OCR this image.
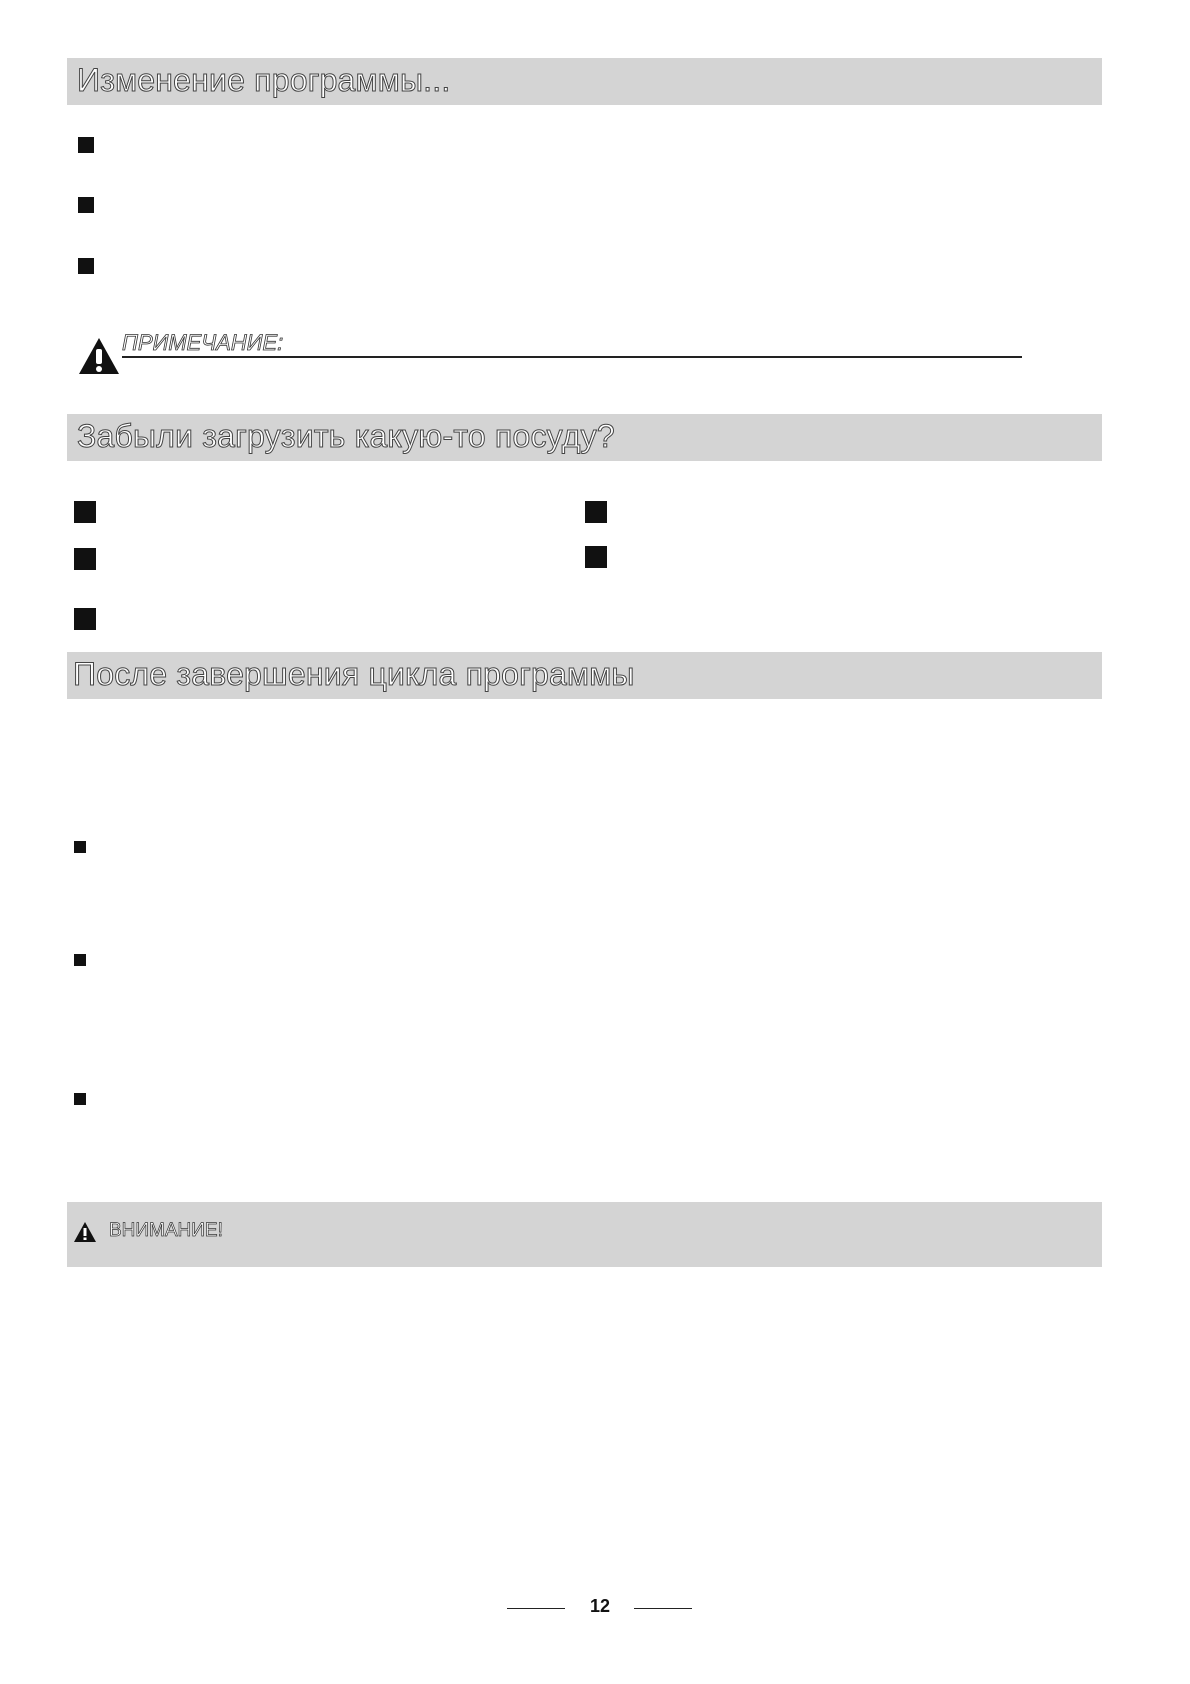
Изменение программы...
ПРИМЕЧАНИЕ:
Забыли загрузить какую-то посуду?
После завершения цикла программы
ВНИМАНИЕ!
12
